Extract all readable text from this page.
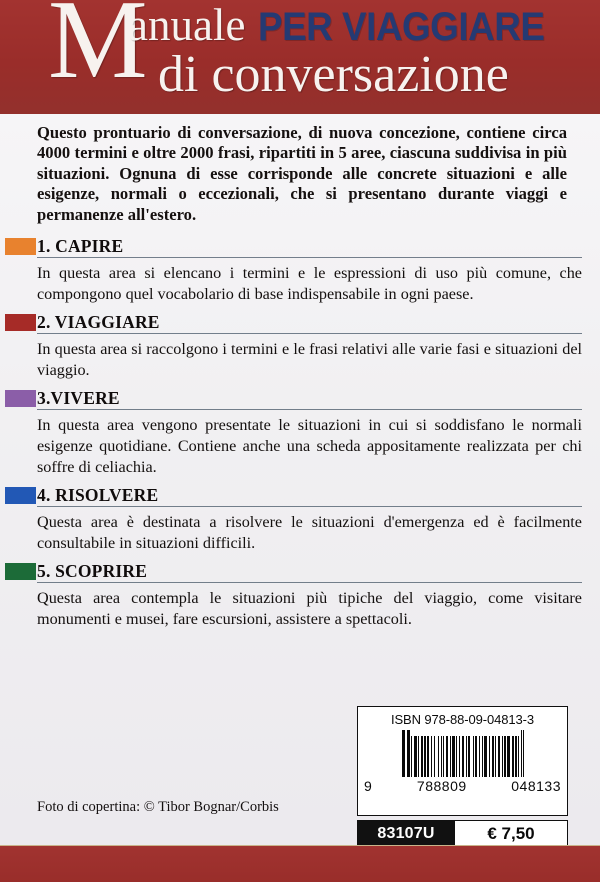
M
anuale PER VIAGGIARE
di conversazione
Questo prontuario di conversazione, di nuova concezione, contiene circa 4000 termini e oltre 2000 frasi, ripartiti in 5 aree, ciascuna suddivisa in più situazioni. Ognuna di esse corrisponde alle concrete situazioni e alle esigenze, normali o eccezionali, che si presentano durante viaggi e permanenze all'estero.
1. CAPIRE
In questa area si elencano i termini e le espressioni di uso più comune, che compongono quel vocabolario di base indispensabile in ogni paese.
2. VIAGGIARE
In questa area si raccolgono i termini e le frasi relativi alle varie fasi e situazioni del viaggio.
3.VIVERE
In questa area vengono presentate le situazioni in cui si soddisfano le normali esigenze quotidiane. Contiene anche una scheda appositamente realizzata per chi soffre di celiachia.
4. RISOLVERE
Questa area è destinata a risolvere le situazioni d'emergenza ed è facilmente consultabile in situazioni difficili.
5. SCOPRIRE
Questa area contempla le situazioni più tipiche del viaggio, come visitare monumenti e musei, fare escursioni, assistere a spettacoli.
ISBN 978-88-09-04813-3
9	788809	048133
83107U	€ 7,50
Foto di copertina: © Tibor Bognar/Corbis
